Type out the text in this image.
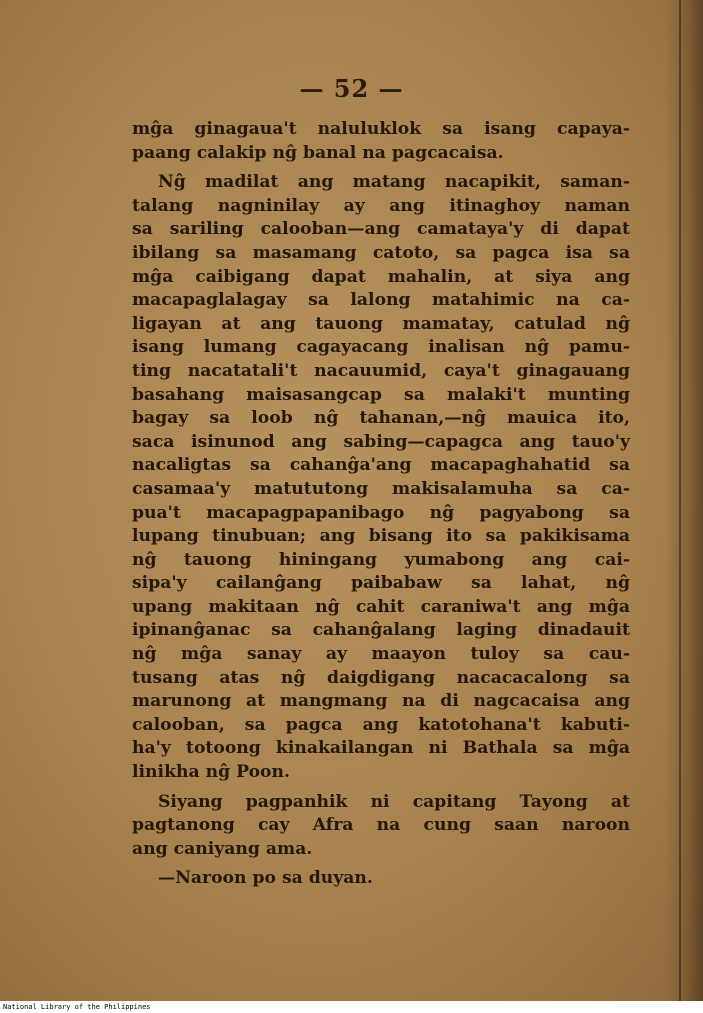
— 52 —
mĝa ginagaua't naluluklok sa isang capaya-
paang calakip nĝ banal na pagcacaisa.
Nĝ madilat ang matang nacapikit, saman-
talang nagninilay ay ang itinaghoy naman
sa sariling calooban—ang camataya'y di dapat
ibilang sa masamang catoto, sa pagca isa sa
mĝa caibigang dapat mahalin, at siya ang
macapaglalagay sa lalong matahimic na ca-
ligayan at ang tauong mamatay, catulad nĝ
isang lumang cagayacang inalisan nĝ pamu-
ting nacatatali't nacauumid, caya't ginagauang
basahang maisasangcap sa malaki't munting
bagay sa loob nĝ tahanan,—nĝ mauica ito,
saca isinunod ang sabing—capagca ang tauo'y
nacaligtas sa cahanĝa'ang macapaghahatid sa
casamaa'y matututong makisalamuha sa ca-
pua't macapagpapanibago nĝ pagyabong sa
lupang tinubuan; ang bisang ito sa pakikisama
nĝ tauong hiningang yumabong ang cai-
sipa'y cailanĝang paibabaw sa lahat, nĝ
upang makitaan nĝ cahit caraniwa't ang mĝa
ipinanĝanac sa cahanĝalang laging dinadauit
nĝ mĝa sanay ay maayon tuloy sa cau-
tusang atas nĝ daigdigang nacacacalong sa
marunong at mangmang na di nagcacaisa ang
calooban, sa pagca ang katotohana't kabuti-
ha'y totoong kinakailangan ni Bathala sa mĝa
linikha nĝ Poon.
Siyang pagpanhik ni capitang Tayong at
pagtanong cay Afra na cung saan naroon
ang caniyang ama.
—Naroon po sa duyan.
National Library of the Philippines
